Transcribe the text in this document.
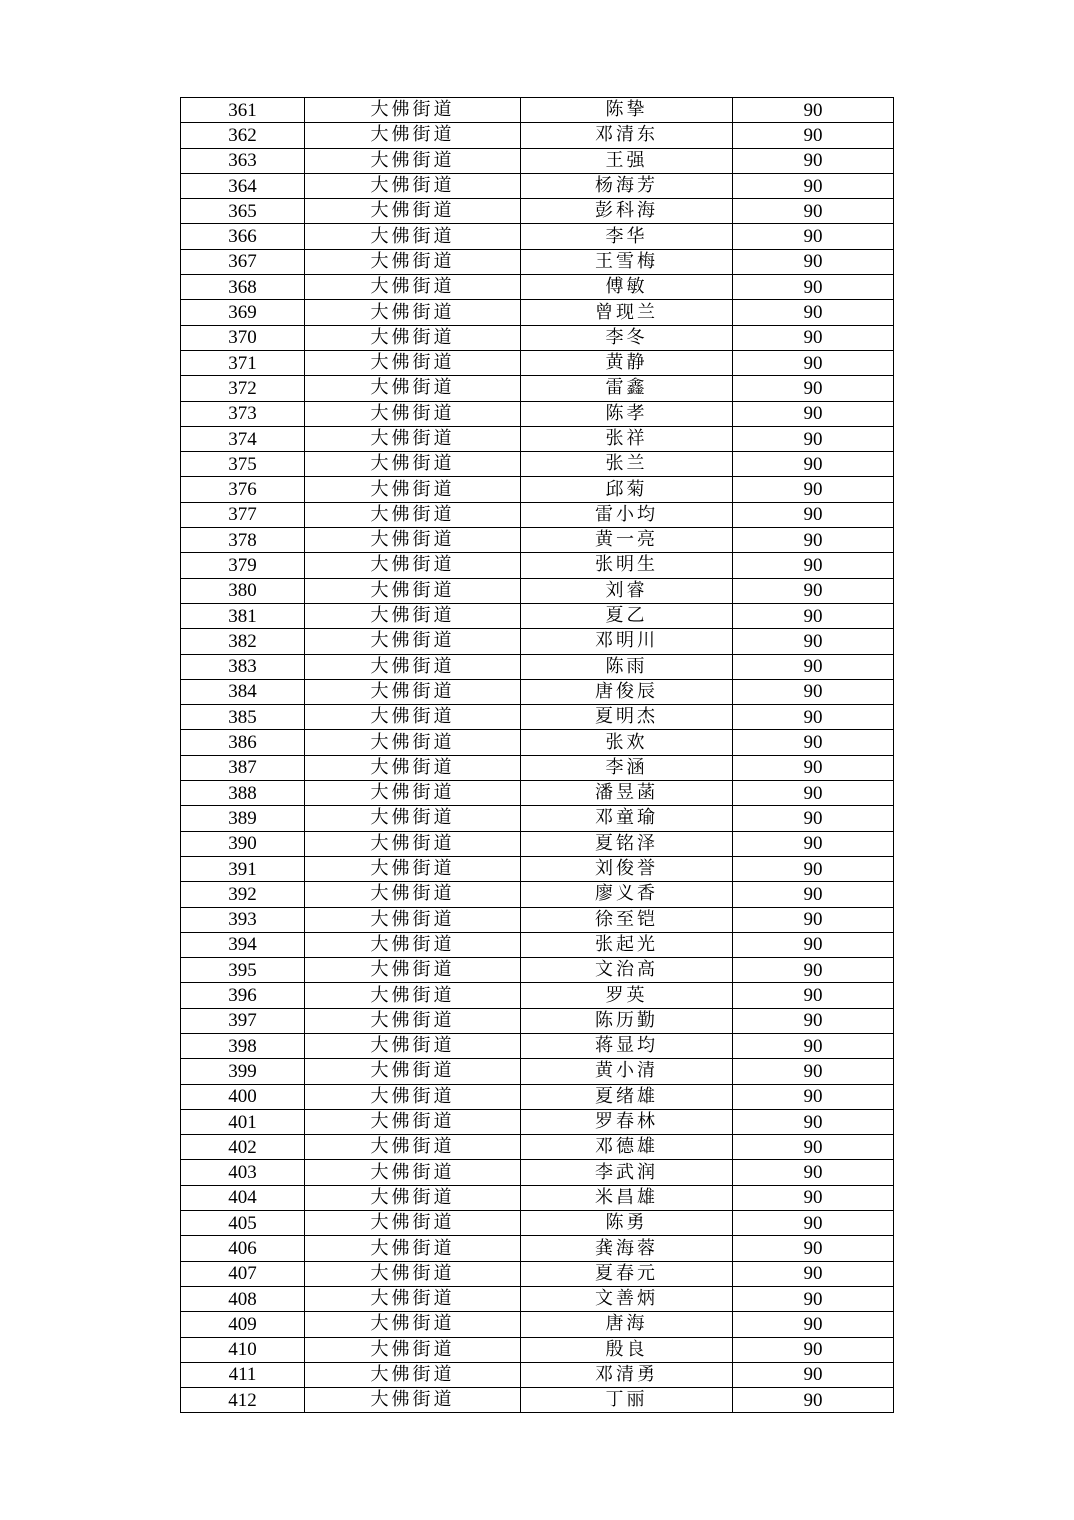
361	大佛街道	陈挚	90
362	大佛街道	邓清东	90
363	大佛街道	王强	90
364	大佛街道	杨海芳	90
365	大佛街道	彭科海	90
366	大佛街道	李华	90
367	大佛街道	王雪梅	90
368	大佛街道	傅敏	90
369	大佛街道	曾现兰	90
370	大佛街道	李冬	90
371	大佛街道	黄静	90
372	大佛街道	雷鑫	90
373	大佛街道	陈孝	90
374	大佛街道	张祥	90
375	大佛街道	张兰	90
376	大佛街道	邱菊	90
377	大佛街道	雷小均	90
378	大佛街道	黄一亮	90
379	大佛街道	张明生	90
380	大佛街道	刘睿	90
381	大佛街道	夏乙	90
382	大佛街道	邓明川	90
383	大佛街道	陈雨	90
384	大佛街道	唐俊辰	90
385	大佛街道	夏明杰	90
386	大佛街道	张欢	90
387	大佛街道	李涵	90
388	大佛街道	潘昱菡	90
389	大佛街道	邓童瑜	90
390	大佛街道	夏铭泽	90
391	大佛街道	刘俊誉	90
392	大佛街道	廖义香	90
393	大佛街道	徐至铠	90
394	大佛街道	张起光	90
395	大佛街道	文治高	90
396	大佛街道	罗英	90
397	大佛街道	陈历勤	90
398	大佛街道	蒋显均	90
399	大佛街道	黄小清	90
400	大佛街道	夏绪雄	90
401	大佛街道	罗春林	90
402	大佛街道	邓德雄	90
403	大佛街道	李武润	90
404	大佛街道	米昌雄	90
405	大佛街道	陈勇	90
406	大佛街道	龚海蓉	90
407	大佛街道	夏春元	90
408	大佛街道	文善炳	90
409	大佛街道	唐海	90
410	大佛街道	殷良	90
411	大佛街道	邓清勇	90
412	大佛街道	丁丽	90
